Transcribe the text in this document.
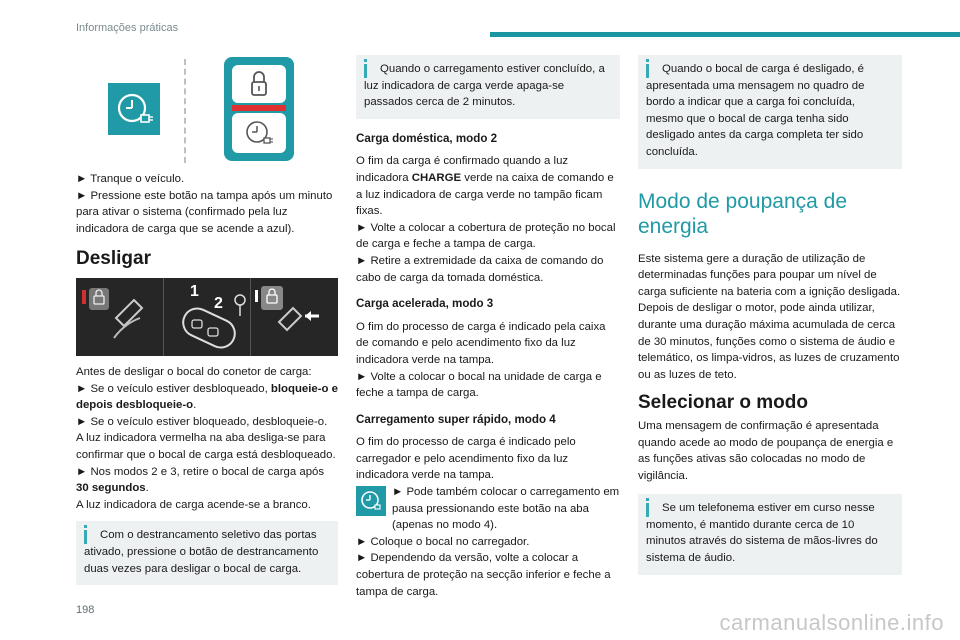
Informações práticas

► Tranque o veículo.

► Pressione este botão na tampa após um minuto para ativar o sistema (confirmado pela luz indicadora de carga que se acende a azul).

Desligar
1
2

Antes de desligar o bocal do conetor de carga:

► Se o veículo estiver desbloqueado, bloqueie-o e depois desbloqueie-o.

► Se o veículo estiver bloqueado, desbloqueie-o.

A luz indicadora vermelha na aba desliga-se para confirmar que o bocal de carga está desbloqueado.

► Nos modos 2 e 3, retire o bocal de carga após 30 segundos.

A luz indicadora de carga acende-se a branco.

Com o destrancamento seletivo das portas ativado, pressione o botão de destrancamento duas vezes para desligar o bocal de carga.
Quando o carregamento estiver concluído, a luz indicadora de carga verde apaga-se passados cerca de 2 minutos.
Carga doméstica, modo 2

O fim da carga é confirmado quando a luz indicadora CHARGE verde na caixa de comando e a luz indicadora de carga verde no tampão ficam fixas.

► Volte a colocar a cobertura de proteção no bocal de carga e feche a tampa de carga.

► Retire a extremidade da caixa de comando do cabo de carga da tomada doméstica.

Carga acelerada, modo 3

O fim do processo de carga é indicado pela caixa de comando e pelo acendimento fixo da luz indicadora verde na tampa.

► Volte a colocar o bocal na unidade de carga e feche a tampa de carga.

Carregamento super rápido, modo 4

O fim do processo de carga é indicado pelo carregador e pelo acendimento fixo da luz indicadora verde na tampa.

► Pode também colocar o carregamento em pausa pressionando este botão na aba (apenas no modo 4).

► Coloque o bocal no carregador.

► Dependendo da versão, volte a colocar a cobertura de proteção na secção inferior e feche a tampa de carga.

Quando o bocal de carga é desligado, é apresentada uma mensagem no quadro de bordo a indicar que a carga foi concluída, mesmo que o bocal de carga tenha sido desligado antes da carga completa ter sido concluída.
Modo de poupança de energia

Este sistema gere a duração de utilização de determinadas funções para poupar um nível de carga suficiente na bateria com a ignição desligada. Depois de desligar o motor, pode ainda utilizar, durante uma duração máxima acumulada de cerca de 30 minutos, funções como o sistema de áudio e telemático, os limpa-vidros, as luzes de cruzamento ou as luzes de teto.

Selecionar o modo

Uma mensagem de confirmação é apresentada quando acede ao modo de poupança de energia e as funções ativas são colocadas no modo de vigilância.

Se um telefonema estiver em curso nesse momento, é mantido durante cerca de 10 minutos através do sistema de mãos-livres do sistema de áudio.
198	carmanualsonline.info
